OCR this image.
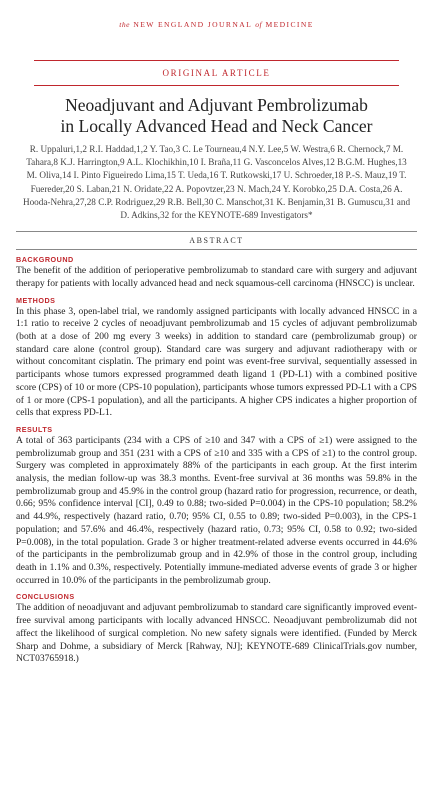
the NEW ENGLAND JOURNAL of MEDICINE
ORIGINAL ARTICLE
Neoadjuvant and Adjuvant Pembrolizumab
in Locally Advanced Head and Neck Cancer
R. Uppaluri,1,2 R.I. Haddad,1,2 Y. Tao,3 C. Le Tourneau,4 N.Y. Lee,5 W. Westra,6 R. Chernock,7 M. Tahara,8 K.J. Harrington,9 A.L. Klochikhin,10 I. Braña,11 G. Vasconcelos Alves,12 B.G.M. Hughes,13 M. Oliva,14 I. Pinto Figueiredo Lima,15 T. Ueda,16 T. Rutkowski,17 U. Schroeder,18 P.-S. Mauz,19 T. Fuereder,20 S. Laban,21 N. Oridate,22 A. Popovtzer,23 N. Mach,24 Y. Korobko,25 D.A. Costa,26 A. Hooda-Nehra,27,28 C.P. Rodriguez,29 R.B. Bell,30 C. Manschot,31 K. Benjamin,31 B. Gumuscu,31 and D. Adkins,32 for the KEYNOTE-689 Investigators*
ABSTRACT
BACKGROUND
The benefit of the addition of perioperative pembrolizumab to standard care with surgery and adjuvant therapy for patients with locally advanced head and neck squamous-cell carcinoma (HNSCC) is unclear.
METHODS
In this phase 3, open-label trial, we randomly assigned participants with locally advanced HNSCC in a 1:1 ratio to receive 2 cycles of neoadjuvant pembrolizumab and 15 cycles of adjuvant pembrolizumab (both at a dose of 200 mg every 3 weeks) in addition to standard care (pembrolizumab group) or standard care alone (control group). Standard care was surgery and adjuvant radiotherapy with or without concomitant cisplatin. The primary end point was event-free survival, sequentially assessed in participants whose tumors expressed programmed death ligand 1 (PD-L1) with a combined positive score (CPS) of 10 or more (CPS-10 population), participants whose tumors expressed PD-L1 with a CPS of 1 or more (CPS-1 population), and all the participants. A higher CPS indicates a higher proportion of cells that express PD-L1.
RESULTS
A total of 363 participants (234 with a CPS of ≥10 and 347 with a CPS of ≥1) were assigned to the pembrolizumab group and 351 (231 with a CPS of ≥10 and 335 with a CPS of ≥1) to the control group. Surgery was completed in approximately 88% of the participants in each group. At the first interim analysis, the median follow-up was 38.3 months. Event-free survival at 36 months was 59.8% in the pembrolizumab group and 45.9% in the control group (hazard ratio for progression, recurrence, or death, 0.66; 95% confidence interval [CI], 0.49 to 0.88; two-sided P=0.004) in the CPS-10 population; 58.2% and 44.9%, respectively (hazard ratio, 0.70; 95% CI, 0.55 to 0.89; two-sided P=0.003), in the CPS-1 population; and 57.6% and 46.4%, respectively (hazard ratio, 0.73; 95% CI, 0.58 to 0.92; two-sided P=0.008), in the total population. Grade 3 or higher treatment-related adverse events occurred in 44.6% of the participants in the pembrolizumab group and in 42.9% of those in the control group, including death in 1.1% and 0.3%, respectively. Potentially immune-mediated adverse events of grade 3 or higher occurred in 10.0% of the participants in the pembrolizumab group.
CONCLUSIONS
The addition of neoadjuvant and adjuvant pembrolizumab to standard care significantly improved event-free survival among participants with locally advanced HNSCC. Neoadjuvant pembrolizumab did not affect the likelihood of surgical completion. No new safety signals were identified. (Funded by Merck Sharp and Dohme, a subsidiary of Merck [Rahway, NJ]; KEYNOTE-689 ClinicalTrials.gov number, NCT03765918.)
